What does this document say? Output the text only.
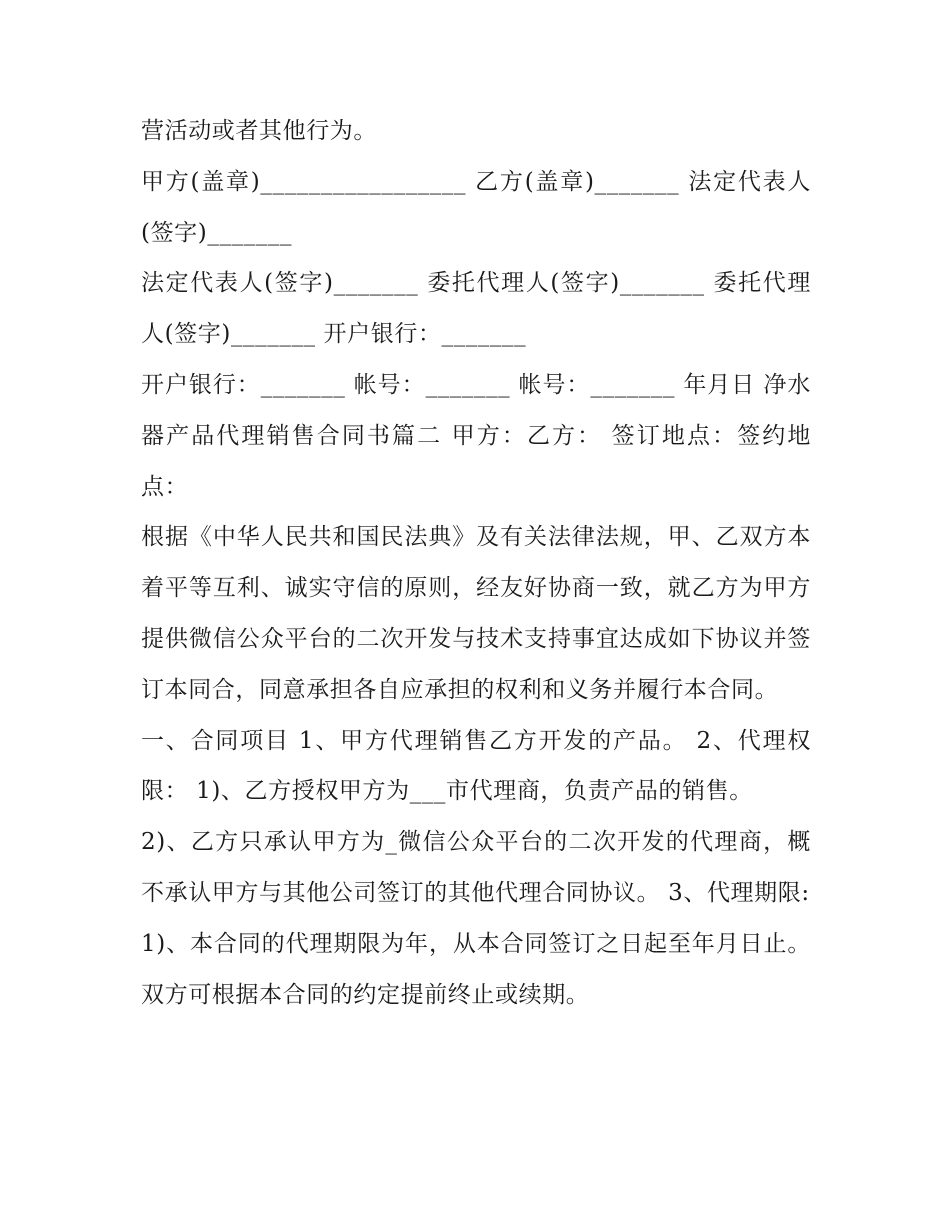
营活动或者其他行为。

甲方(盖章)_________________ 乙方(盖章)_______ 法定代表人(签字)_______

法定代表人(签字)_______ 委托代理人(签字)_______ 委托代理人(签字)_______ 开户银行：_______

开户银行：_______ 帐号：_______ 帐号：_______ 年月日 净水器产品代理销售合同书篇二 甲方：乙方： 签订地点：签约地点：

根据《中华人民共和国民法典》及有关法律法规，甲、乙双方本着平等互利、诚实守信的原则，经友好协商一致，就乙方为甲方提供微信公众平台的二次开发与技术支持事宜达成如下协议并签订本同合，同意承担各自应承担的权利和义务并履行本合同。

一、合同项目 1、甲方代理销售乙方开发的产品。 2、代理权限： 1)、乙方授权甲方为___市代理商，负责产品的销售。

2)、乙方只承认甲方为_微信公众平台的二次开发的代理商，概不承认甲方与其他公司签订的其他代理合同协议。 3、代理期限:

1)、本合同的代理期限为年，从本合同签订之日起至年月日止。双方可根据本合同的约定提前终止或续期。
